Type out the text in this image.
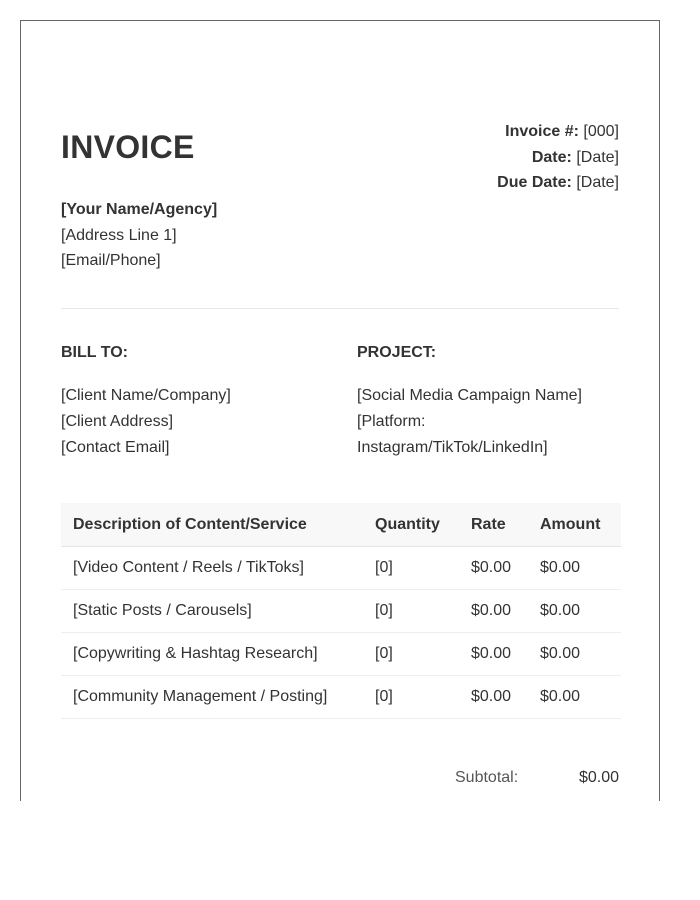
INVOICE	Invoice #: [000]
Date: [Date]
Due Date: [Date]
[Your Name/Agency]
[Address Line 1]
[Email/Phone]
BILL TO:
[Client Name/Company]
[Client Address]
[Contact Email]
PROJECT:
[Social Media Campaign Name]
[Platform: Instagram/TikTok/LinkedIn]
Description of Content/Service	Quantity	Rate	Amount
[Video Content / Reels / TikToks]	[0]	$0.00	$0.00
[Static Posts / Carousels]	[0]	$0.00	$0.00
[Copywriting & Hashtag Research]	[0]	$0.00	$0.00
[Community Management / Posting]	[0]	$0.00	$0.00
Subtotal:	$0.00
